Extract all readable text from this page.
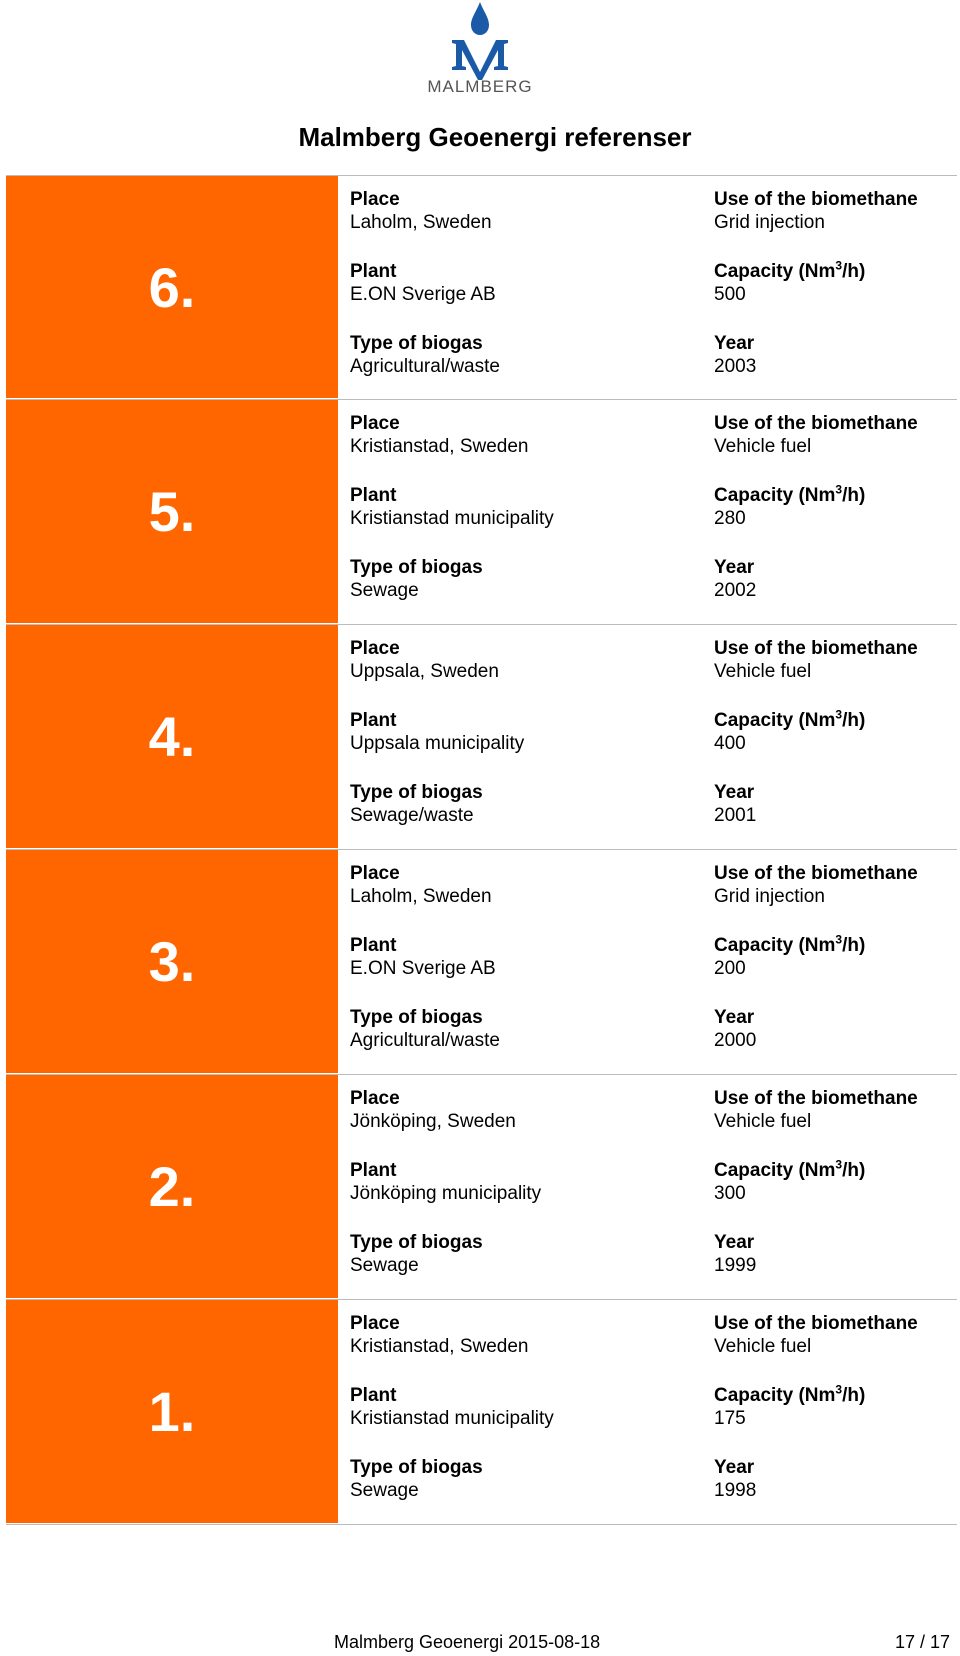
MALMBERG
Malmberg Geoenergi referenser
6.
Place
Laholm, Sweden
Plant
E.ON Sverige AB
Type of biogas
Agricultural/waste
Use of the biomethane
Grid injection
Capacity (Nm$^3$/h)
500
Year
2003
5.
Place
Kristianstad, Sweden
Plant
Kristianstad municipality
Type of biogas
Sewage
Use of the biomethane
Vehicle fuel
Capacity (Nm$^3$/h)
280
Year
2002
4.
Place
Uppsala, Sweden
Plant
Uppsala municipality
Type of biogas
Sewage/waste
Use of the biomethane
Vehicle fuel
Capacity (Nm$^3$/h)
400
Year
2001
3.
Place
Laholm, Sweden
Plant
E.ON Sverige AB
Type of biogas
Agricultural/waste
Use of the biomethane
Grid injection
Capacity (Nm$^3$/h)
200
Year
2000
2.
Place
Jönköping, Sweden
Plant
Jönköping municipality
Type of biogas
Sewage
Use of the biomethane
Vehicle fuel
Capacity (Nm$^3$/h)
300
Year
1999
1.
Place
Kristianstad, Sweden
Plant
Kristianstad municipality
Type of biogas
Sewage
Use of the biomethane
Vehicle fuel
Capacity (Nm$^3$/h)
175
Year
1998
Malmberg Geoenergi 2015-08-18	17 / 17
